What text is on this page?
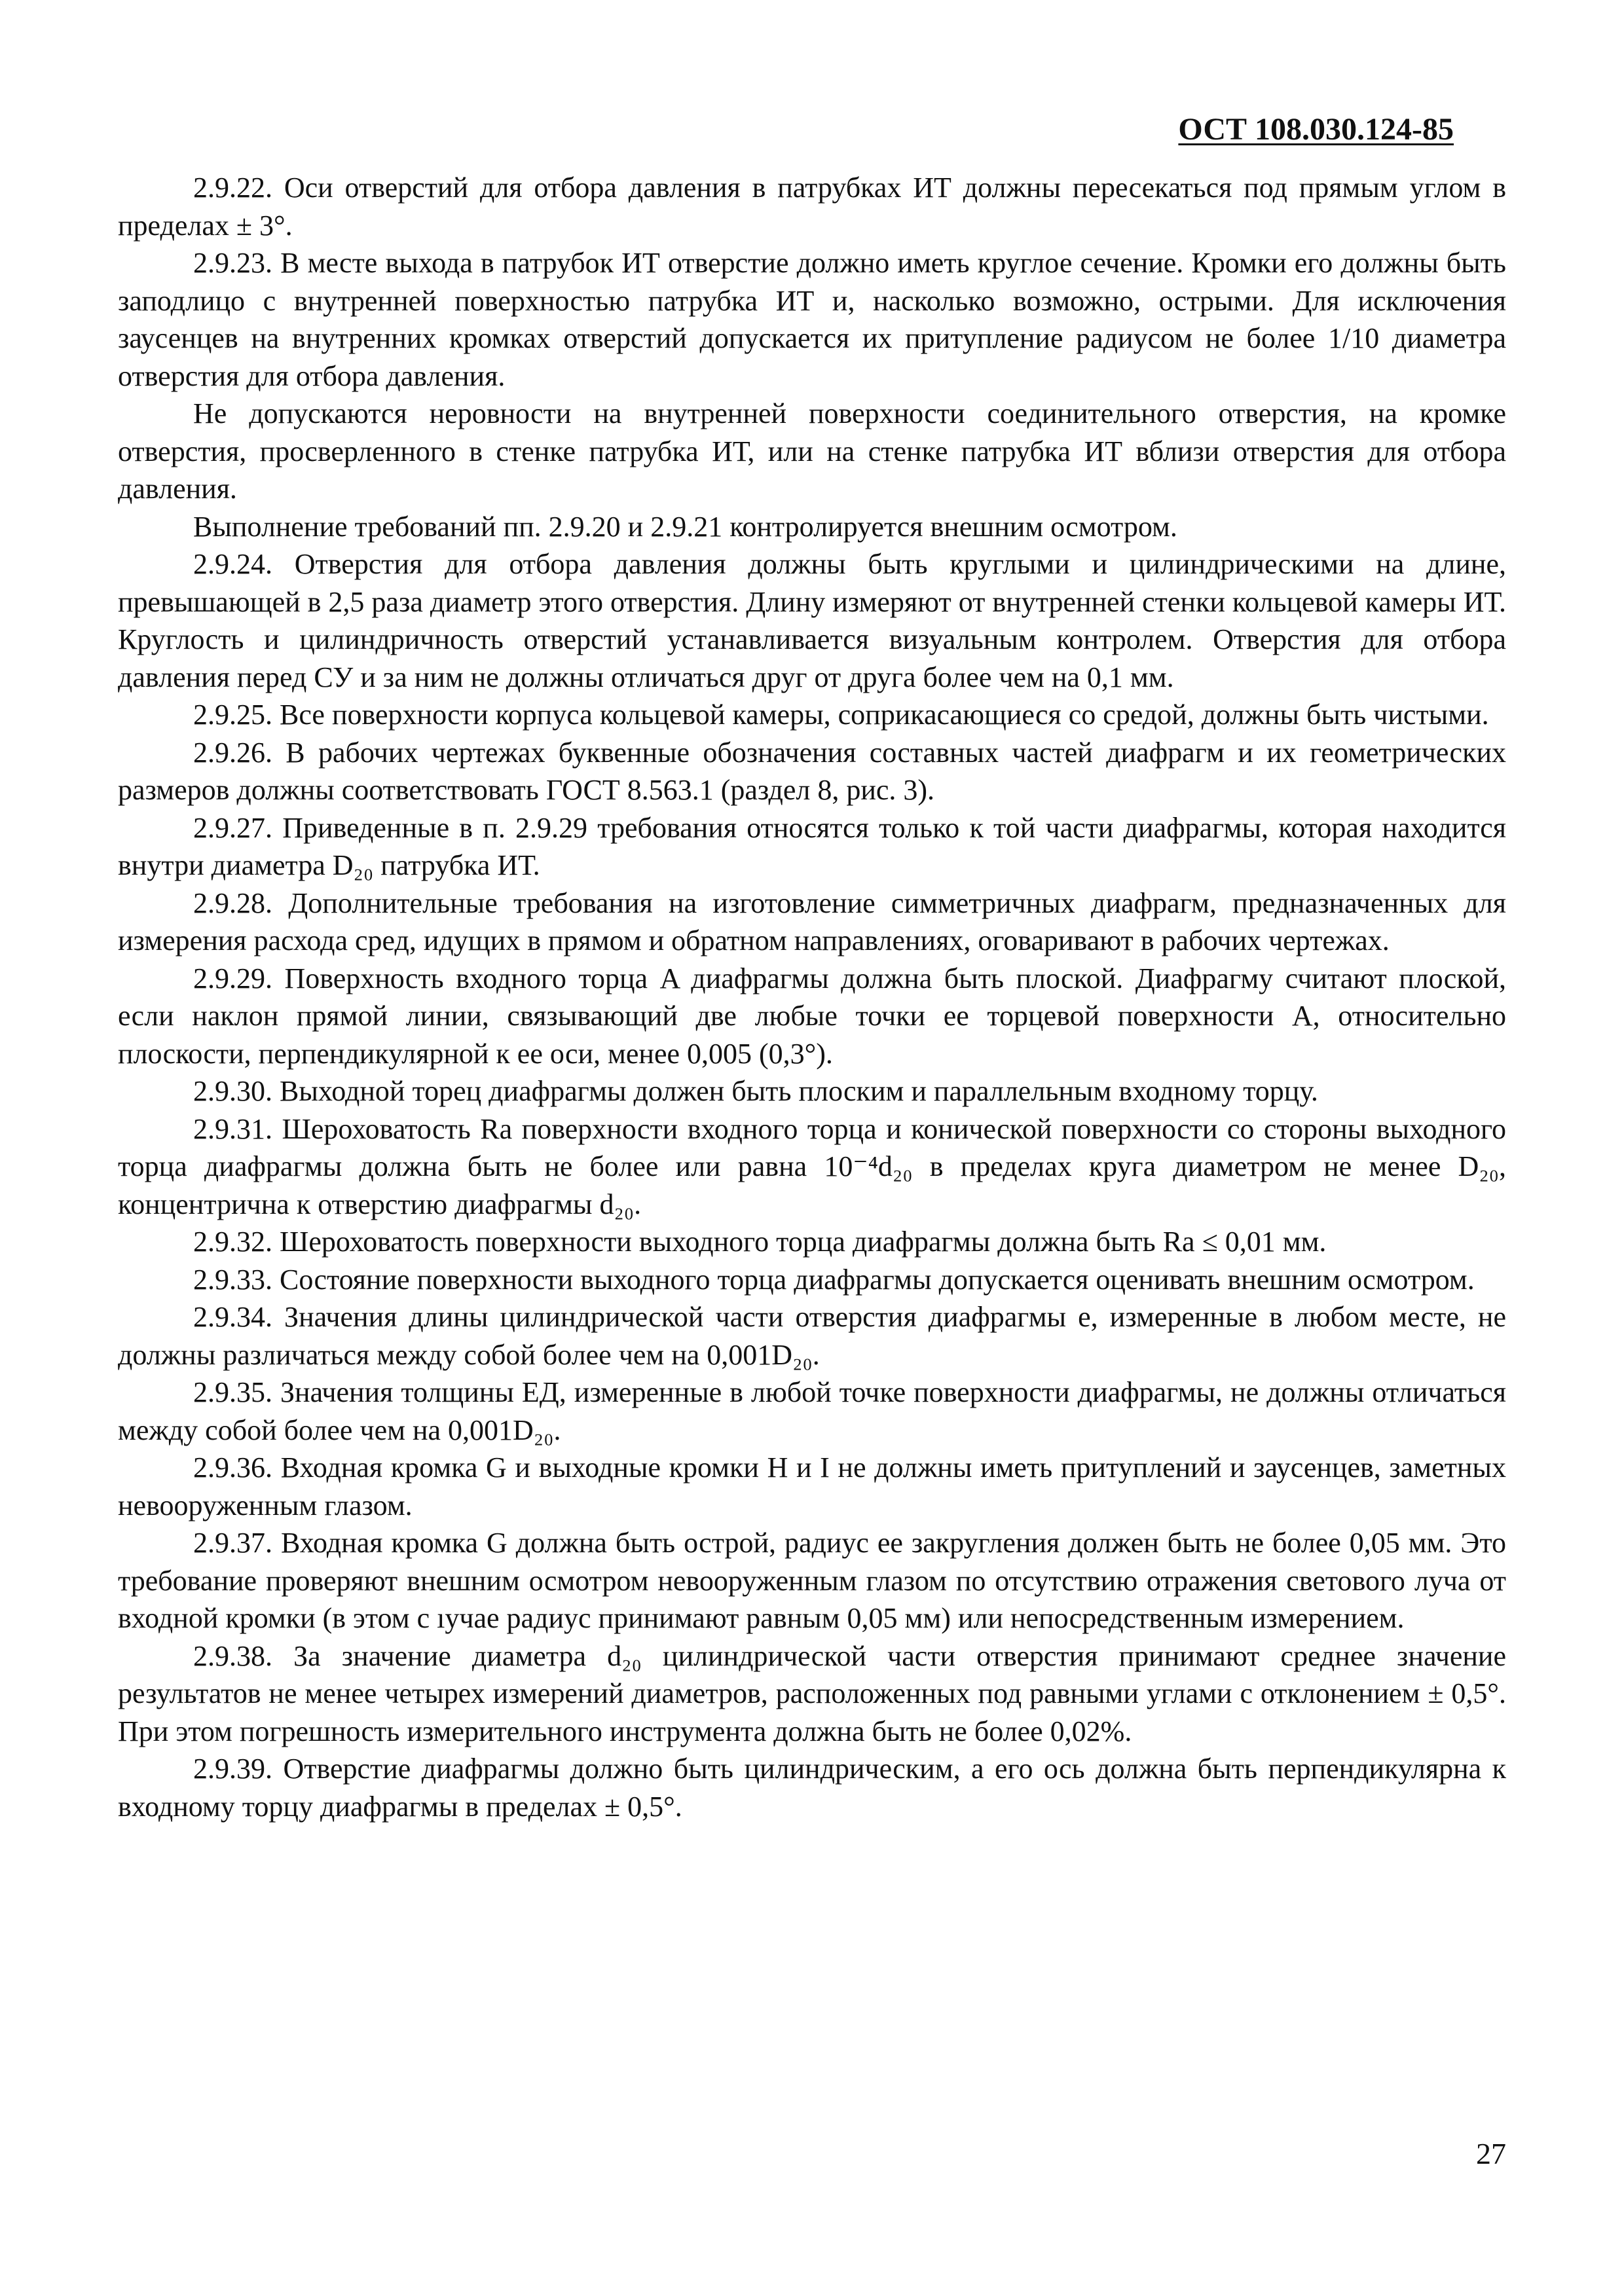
ОСТ 108.030.124-85

2.9.22. Оси отверстий для отбора давления в патрубках ИТ должны пересекаться под прямым углом в пределах ± 3°.

2.9.23. В месте выхода в патрубок ИТ отверстие должно иметь круглое сечение. Кромки его должны быть заподлицо с внутренней поверхностью патрубка ИТ и, насколько возможно, острыми. Для исключения заусенцев на внутренних кромках отверстий допускается их притупление радиусом не более 1/10 диаметра отверстия для отбора давления.

Не допускаются неровности на внутренней поверхности соединительного отверстия, на кромке отверстия, просверленного в стенке патрубка ИТ, или на стенке патрубка ИТ вблизи отверстия для отбора давления.

Выполнение требований пп. 2.9.20 и 2.9.21 контролируется внешним осмотром.

2.9.24. Отверстия для отбора давления должны быть круглыми и цилиндрическими на длине, превышающей в 2,5 раза диаметр этого отверстия. Длину измеряют от внутренней стенки кольцевой камеры ИТ. Круглость и цилиндричность отверстий устанавливается визуальным контролем. Отверстия для отбора давления перед СУ и за ним не должны отличаться друг от друга более чем на 0,1 мм.

2.9.25. Все поверхности корпуса кольцевой камеры, соприкасающиеся со средой, должны быть чистыми.

2.9.26. В рабочих чертежах буквенные обозначения составных частей диафрагм и их геометрических размеров должны соответствовать ГОСТ 8.563.1 (раздел 8, рис. 3).

2.9.27. Приведенные в п. 2.9.29 требования относятся только к той части диафрагмы, которая находится внутри диаметра D₂₀ патрубка ИТ.

2.9.28. Дополнительные требования на изготовление симметричных диафрагм, предназначенных для измерения расхода сред, идущих в прямом и обратном направлениях, оговаривают в рабочих чертежах.

2.9.29. Поверхность входного торца A диафрагмы должна быть плоской. Диафрагму считают плоской, если наклон прямой линии, связывающий две любые точки ее торцевой поверхности A, относительно плоскости, перпендикулярной к ее оси, менее 0,005 (0,3°).

2.9.30. Выходной торец диафрагмы должен быть плоским и параллельным входному торцу.

2.9.31. Шероховатость Ra поверхности входного торца и конической поверхности со стороны выходного торца диафрагмы должна быть не более или равна 10⁻⁴d₂₀ в пределах круга диаметром не менее D₂₀, концентрична к отверстию диафрагмы d₂₀.

2.9.32. Шероховатость поверхности выходного торца диафрагмы должна быть Ra ≤ 0,01 мм.

2.9.33. Состояние поверхности выходного торца диафрагмы допускается оценивать внешним осмотром.

2.9.34. Значения длины цилиндрической части отверстия диафрагмы e, измеренные в любом месте, не должны различаться между собой более чем на 0,001D₂₀.

2.9.35. Значения толщины EД, измеренные в любой точке поверхности диафрагмы, не должны отличаться между собой более чем на 0,001D₂₀.

2.9.36. Входная кромка G и выходные кромки H и I не должны иметь притуплений и заусенцев, заметных невооруженным глазом.

2.9.37. Входная кромка G должна быть острой, радиус ее закругления должен быть не более 0,05 мм. Это требование проверяют внешним осмотром невооруженным глазом по отсутствию отражения светового луча от входной кромки (в этом с ıучае радиус принимают равным 0,05 мм) или непосредственным измерением.

2.9.38. За значение диаметра d₂₀ цилиндрической части отверстия принимают среднее значение результатов не менее четырех измерений диаметров, расположенных под равными углами с отклонением ± 0,5°. При этом погрешность измерительного инструмента должна быть не более 0,02%.

2.9.39. Отверстие диафрагмы должно быть цилиндрическим, а его ось должна быть перпендикулярна к входному торцу диафрагмы в пределах ± 0,5°.

27
